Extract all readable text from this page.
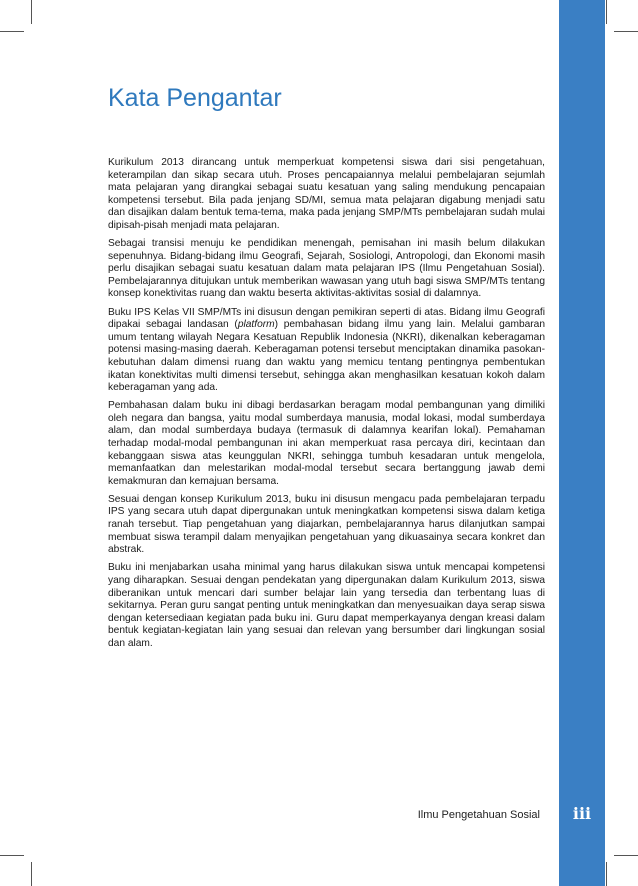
Kata Pengantar

Kurikulum 2013 dirancang untuk memperkuat kompetensi siswa dari sisi pengetahuan, keterampilan dan sikap secara utuh. Proses pencapaiannya melalui pembelajaran sejumlah mata pelajaran yang dirangkai sebagai suatu kesatuan yang saling mendukung pencapaian kompetensi tersebut. Bila pada jenjang SD/MI, semua mata pelajaran digabung menjadi satu dan disajikan dalam bentuk tema-tema, maka pada jenjang SMP/MTs pembelajaran sudah mulai dipisah-pisah menjadi mata pelajaran.

Sebagai transisi menuju ke pendidikan menengah, pemisahan ini masih belum dilakukan sepenuhnya. Bidang-bidang ilmu Geografi, Sejarah, Sosiologi, Antropologi, dan Ekonomi masih perlu disajikan sebagai suatu kesatuan dalam mata pelajaran IPS (Ilmu Pengetahuan Sosial). Pembelajarannya ditujukan untuk memberikan wawasan yang utuh bagi siswa SMP/MTs tentang konsep konektivitas ruang dan waktu beserta aktivitas-aktivitas sosial di dalamnya.

Buku IPS Kelas VII SMP/MTs ini disusun dengan pemikiran seperti di atas. Bidang ilmu Geografi dipakai sebagai landasan (platform) pembahasan bidang ilmu yang lain. Melalui gambaran umum tentang wilayah Negara Kesatuan Republik Indonesia (NKRI), dikenalkan keberagaman potensi masing-masing daerah. Keberagaman potensi tersebut menciptakan dinamika pasokan-kebutuhan dalam dimensi ruang dan waktu yang memicu tentang pentingnya pembentukan ikatan konektivitas multi dimensi tersebut, sehingga akan menghasilkan kesatuan kokoh dalam keberagaman yang ada.

Pembahasan dalam buku ini dibagi berdasarkan beragam modal pembangunan yang dimiliki oleh negara dan bangsa, yaitu modal sumberdaya manusia, modal lokasi, modal sumberdaya alam, dan modal sumberdaya budaya (termasuk di dalamnya kearifan lokal). Pemahaman terhadap modal-modal pembangunan ini akan memperkuat rasa percaya diri, kecintaan dan kebanggaan siswa atas keunggulan NKRI, sehingga tumbuh kesadaran untuk mengelola, memanfaatkan dan melestarikan modal-modal tersebut secara bertanggung jawab demi kemakmuran dan kemajuan bersama.

Sesuai dengan konsep Kurikulum 2013, buku ini disusun mengacu pada pembelajaran terpadu IPS yang secara utuh dapat dipergunakan untuk meningkatkan kompetensi siswa dalam ketiga ranah tersebut. Tiap pengetahuan yang diajarkan, pembelajarannya harus dilanjutkan sampai membuat siswa terampil dalam menyajikan pengetahuan yang dikuasainya secara konkret dan abstrak.

Buku ini menjabarkan usaha minimal yang harus dilakukan siswa untuk mencapai kompetensi yang diharapkan. Sesuai dengan pendekatan yang dipergunakan dalam Kurikulum 2013, siswa diberanikan untuk mencari dari sumber belajar lain yang tersedia dan terbentang luas di sekitarnya. Peran guru sangat penting untuk meningkatkan dan menyesuaikan daya serap siswa dengan ketersediaan kegiatan pada buku ini. Guru dapat memperkayanya dengan kreasi dalam bentuk kegiatan-kegiatan lain yang sesuai dan relevan yang bersumber dari lingkungan sosial dan alam.

Ilmu Pengetahuan Sosial	iii
